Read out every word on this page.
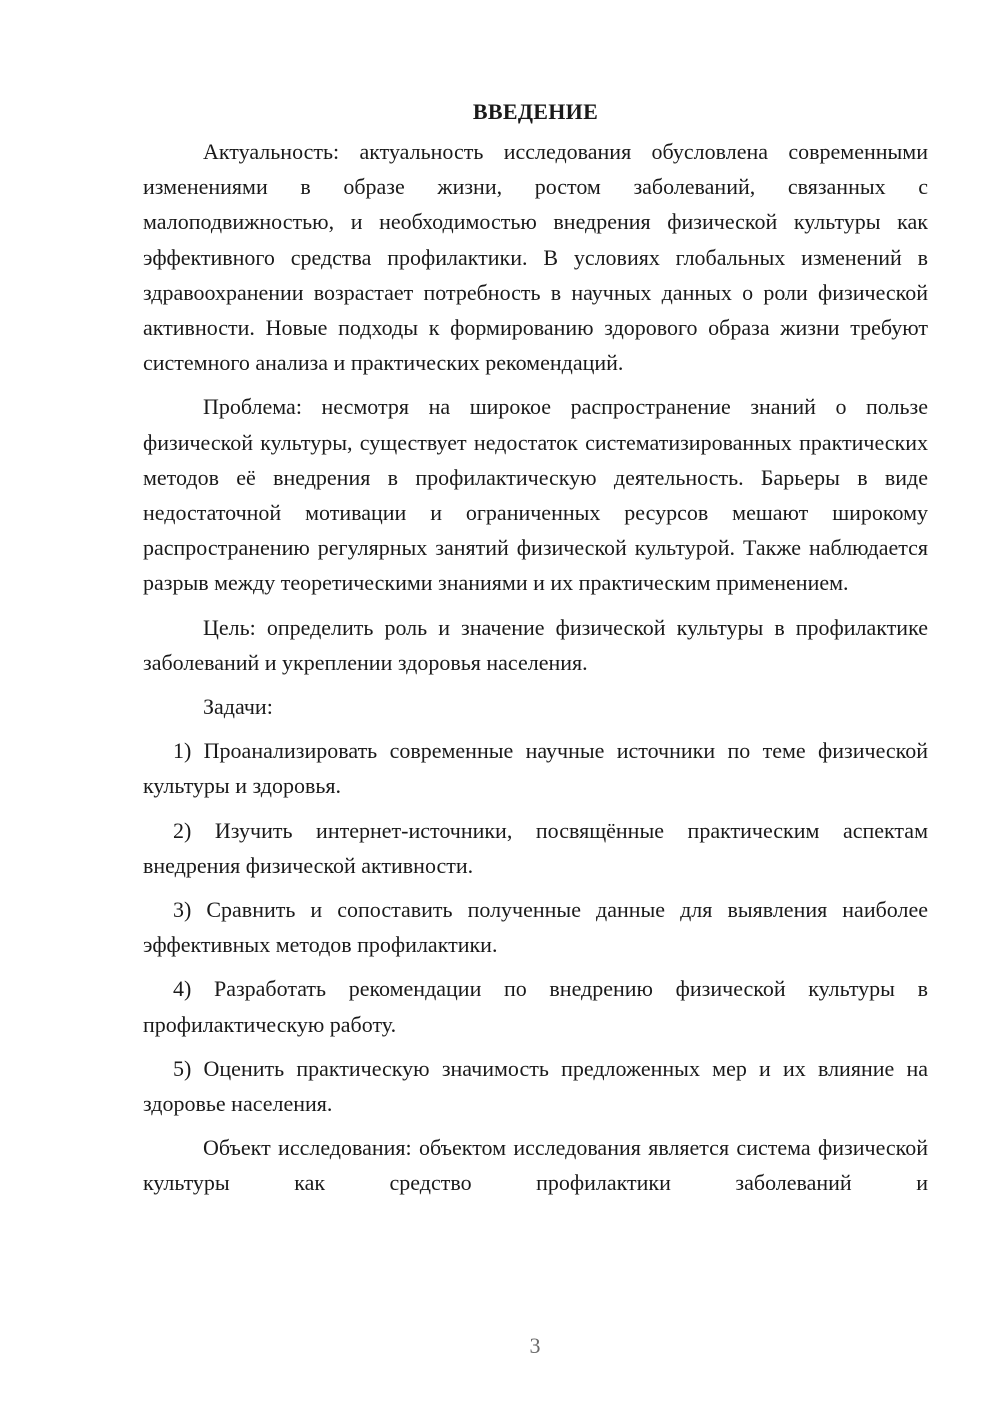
ВВЕДЕНИЕ

Актуальность: актуальность исследования обусловлена современными изменениями в образе жизни, ростом заболеваний, связанных с малоподвижностью, и необходимостью внедрения физической культуры как эффективного средства профилактики. В условиях глобальных изменений в здравоохранении возрастает потребность в научных данных о роли физической активности. Новые подходы к формированию здорового образа жизни требуют системного анализа и практических рекомендаций.

Проблема: несмотря на широкое распространение знаний о пользе физической культуры, существует недостаток систематизированных практических методов её внедрения в профилактическую деятельность. Барьеры в виде недостаточной мотивации и ограниченных ресурсов мешают широкому распространению регулярных занятий физической культурой. Также наблюдается разрыв между теоретическими знаниями и их практическим применением.

Цель: определить роль и значение физической культуры в профилактике заболеваний и укреплении здоровья населения.

Задачи:

1) Проанализировать современные научные источники по теме физической культуры и здоровья.

2) Изучить интернет-источники, посвящённые практическим аспектам внедрения физической активности.

3) Сравнить и сопоставить полученные данные для выявления наиболее эффективных методов профилактики.

4) Разработать рекомендации по внедрению физической культуры в профилактическую работу.

5) Оценить практическую значимость предложенных мер и их влияние на здоровье населения.

Объект исследования: объектом исследования является система физической культуры как средство профилактики заболеваний и

3
